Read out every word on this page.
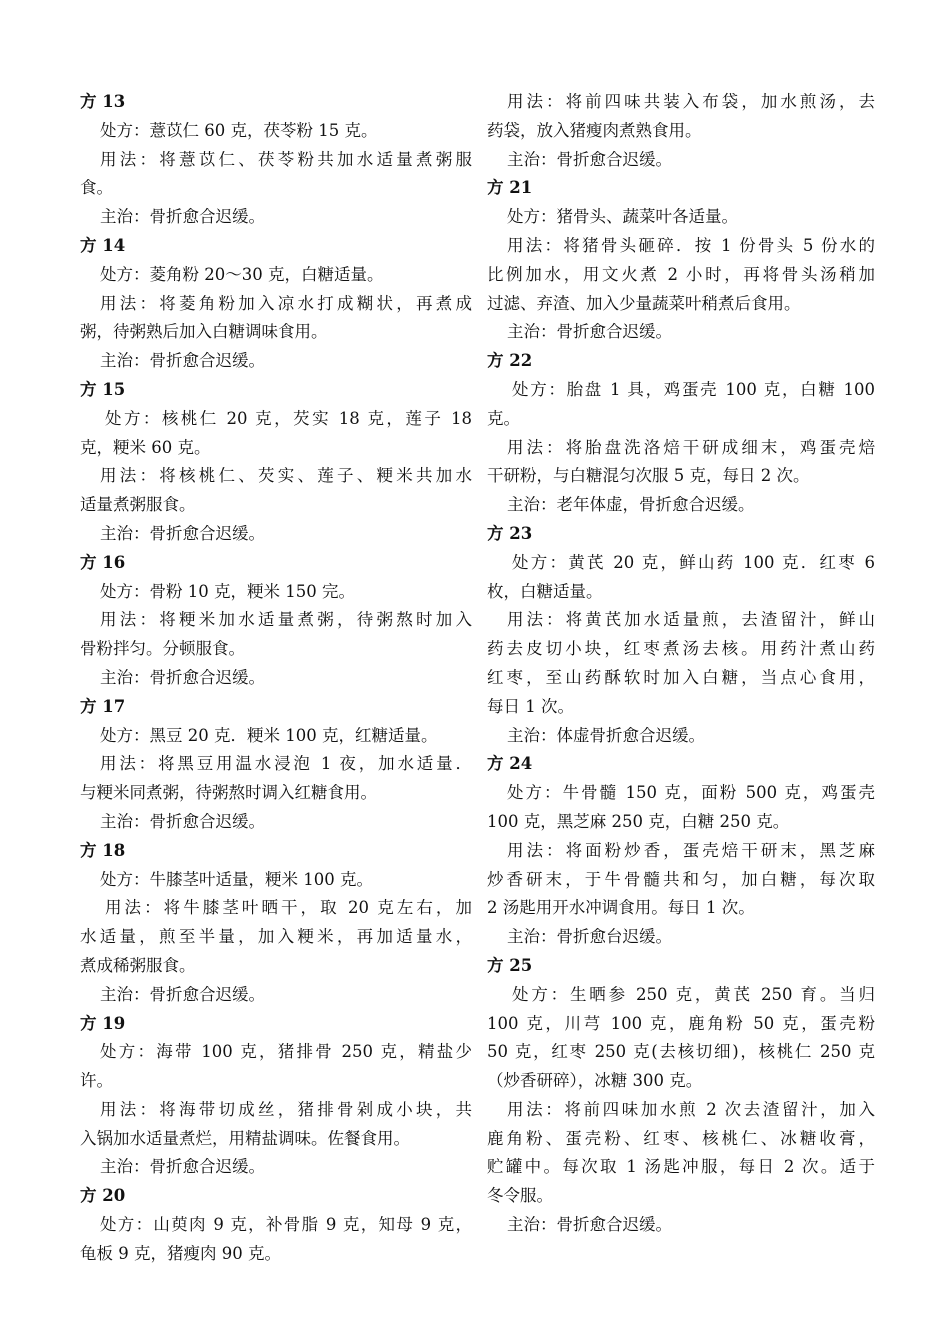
方 13
处方：薏苡仁 60 克，茯苓粉 15 克。
用法：将薏苡仁、茯苓粉共加水适量煮粥服
食。
主治：骨折愈合迟缓。
方 14
处方：菱角粉 20～30 克，白糖适量。
用法：将菱角粉加入凉水打成糊状，再煮成
粥，待粥熟后加入白糖调味食用。
主治：骨折愈合迟缓。
方 15
处方：核桃仁 20 克，芡实 18 克，莲子 18
克，粳米 60 克。
用法：将核桃仁、芡实、莲子、粳米共加水
适量煮粥服食。
主治：骨折愈合迟缓。
方 16
处方：骨粉 10 克，粳米 150 完。
用法：将粳米加水适量煮粥，待粥熬时加入
骨粉拌匀。分顿服食。
主治：骨折愈合迟缓。
方 17
处方：黑豆 20 克．粳米 100 克，红糖适量。
用法：将黑豆用温水浸泡 1 夜，加水适量．
与粳米同煮粥，待粥熬时调入红糖食用。
主治：骨折愈合迟缓。
方 18
处方：牛膝茎叶适量，粳米 100 克。
用法：将牛膝茎叶晒干，取 20 克左右，加
水适量，煎至半量，加入粳米，再加适量水，
煮成稀粥服食。
主治：骨折愈合迟缓。
方 19
处方：海带 100 克，猪排骨 250 克，精盐少
许。
用法：将海带切成丝，猪排骨剁成小块，共
入锅加水适量煮烂，用精盐调味。佐餐食用。
主治：骨折愈合迟缓。
方 20
处方：山萸肉 9 克，补骨脂 9 克，知母 9 克，
龟板 9 克，猪瘦肉 90 克。
用法：将前四味共装入布袋，加水煎汤，去
药袋，放入猪瘦肉煮熟食用。
主治：骨折愈合迟缓。
方 21
处方：猪骨头、蔬菜叶各适量。
用法：将猪骨头砸碎．按 1 份骨头 5 份水的
比例加水，用文火煮 2 小时，再将骨头汤稍加
过滤、弃渣、加入少量蔬菜叶稍煮后食用。
主治：骨折愈合迟缓。
方 22
处方：胎盘 1 具，鸡蛋壳 100 克，白糖 100
克。
用法：将胎盘洗洛焙干研成细末，鸡蛋壳焙
干研粉，与白糖混匀次服 5 克，每日 2 次。
主治：老年体虚，骨折愈合迟缓。
方 23
处方：黄芪 20 克，鲜山药 100 克．红枣 6
枚，白糖适量。
用法：将黄芪加水适量煎，去渣留汁，鲜山
药去皮切小块，红枣煮汤去核。用药汁煮山药
红枣，至山药酥软时加入白糖，当点心食用，
每日 1 次。
主治：体虚骨折愈合迟缓。
方 24
处方：牛骨髓 150 克，面粉 500 克，鸡蛋壳
100 克，黑芝麻 250 克，白糖 250 克。
用法：将面粉炒香，蛋壳焙干研末，黑芝麻
炒香研末，于牛骨髓共和匀，加白糖，每次取
2 汤匙用开水冲调食用。每日 1 次。
主治：骨折愈台迟缓。
方 25
处方：生晒参 250 克，黄芪 250 育。当归
100 克，川芎 100 克，鹿角粉 50 克，蛋壳粉
50 克，红枣 250 克(去核切细)，核桃仁 250 克
（炒香研碎），冰糖 300 克。
用法：将前四味加水煎 2 次去渣留汁，加入
鹿角粉、蛋壳粉、红枣、核桃仁、冰糖收膏，
贮罐中。每次取 1 汤匙冲服，每日 2 次。适于
冬令服。
主治：骨折愈合迟缓。
